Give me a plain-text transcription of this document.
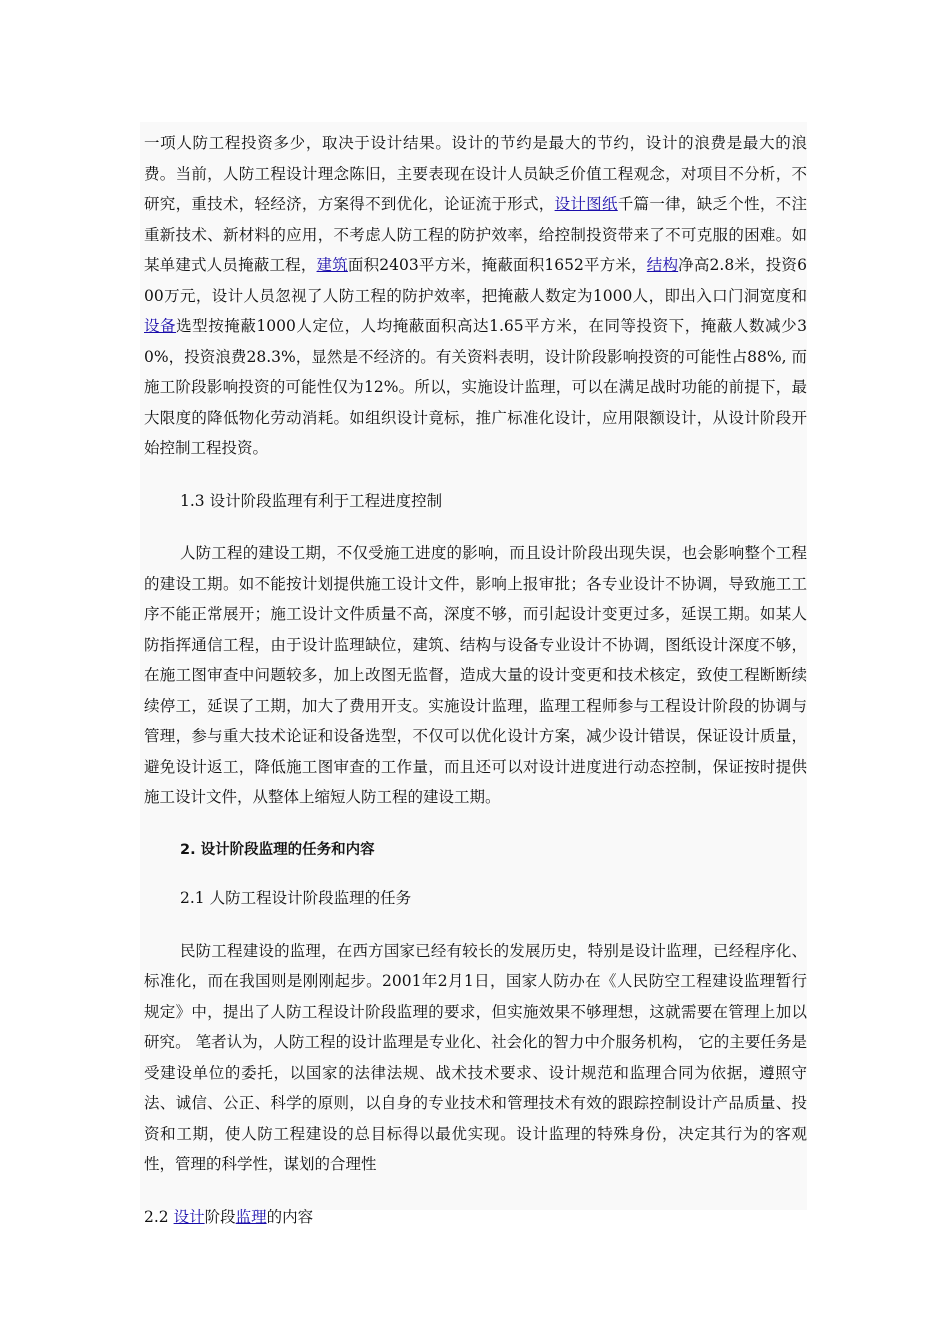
一项人防工程投资多少，取决于设计结果。设计的节约是最大的节约，设计的浪费是最大的浪费。当前，人防工程设计理念陈旧，主要表现在设计人员缺乏价值工程观念，对项目不分析，不研究，重技术，轻经济，方案得不到优化，论证流于形式，设计图纸千篇一律，缺乏个性，不注重新技术、新材料的应用，不考虑人防工程的防护效率，给控制投资带来了不可克服的困难。如某单建式人员掩蔽工程，建筑面积2403平方米，掩蔽面积1652平方米，结构净高2.8米，投资600万元，设计人员忽视了人防工程的防护效率，把掩蔽人数定为1000人，即出入口门洞宽度和设备选型按掩蔽1000人定位，人均掩蔽面积高达1.65平方米，在同等投资下，掩蔽人数减少30%，投资浪费28.3%，显然是不经济的。有关资料表明，设计阶段影响投资的可能性占88%, 而施工阶段影响投资的可能性仅为12%。所以，实施设计监理，可以在满足战时功能的前提下，最大限度的降低物化劳动消耗。如组织设计竟标，推广标准化设计，应用限额设计，从设计阶段开始控制工程投资。

1.3 设计阶段监理有利于工程进度控制

人防工程的建设工期，不仅受施工进度的影响，而且设计阶段出现失误，也会影响整个工程的建设工期。如不能按计划提供施工设计文件，影响上报审批；各专业设计不协调，导致施工工序不能正常展开；施工设计文件质量不高，深度不够，而引起设计变更过多，延误工期。如某人防指挥通信工程，由于设计监理缺位，建筑、结构与设备专业设计不协调，图纸设计深度不够，在施工图审查中问题较多，加上改图无监督，造成大量的设计变更和技术核定，致使工程断断续续停工，延误了工期，加大了费用开支。实施设计监理，监理工程师参与工程设计阶段的协调与管理，参与重大技术论证和设备选型，不仅可以优化设计方案，减少设计错误，保证设计质量，避免设计返工，降低施工图审查的工作量，而且还可以对设计进度进行动态控制，保证按时提供施工设计文件，从整体上缩短人防工程的建设工期。

2. 设计阶段监理的任务和内容

2.1 人防工程设计阶段监理的任务

民防工程建设的监理，在西方国家已经有较长的发展历史，特别是设计监理，已经程序化、标准化，而在我国则是刚刚起步。2001年2月1日，国家人防办在《人民防空工程建设监理暂行规定》中，提出了人防工程设计阶段监理的要求，但实施效果不够理想，这就需要在管理上加以研究。 笔者认为，人防工程的设计监理是专业化、社会化的智力中介服务机构， 它的主要任务是受建设单位的委托，以国家的法律法规、战术技术要求、设计规范和监理合同为依据，遵照守法、诚信、公正、科学的原则，以自身的专业技术和管理技术有效的跟踪控制设计产品质量、投资和工期，使人防工程建设的总目标得以最优实现。设计监理的特殊身份，决定其行为的客观性，管理的科学性，谋划的合理性

2.2 设计阶段监理的内容
